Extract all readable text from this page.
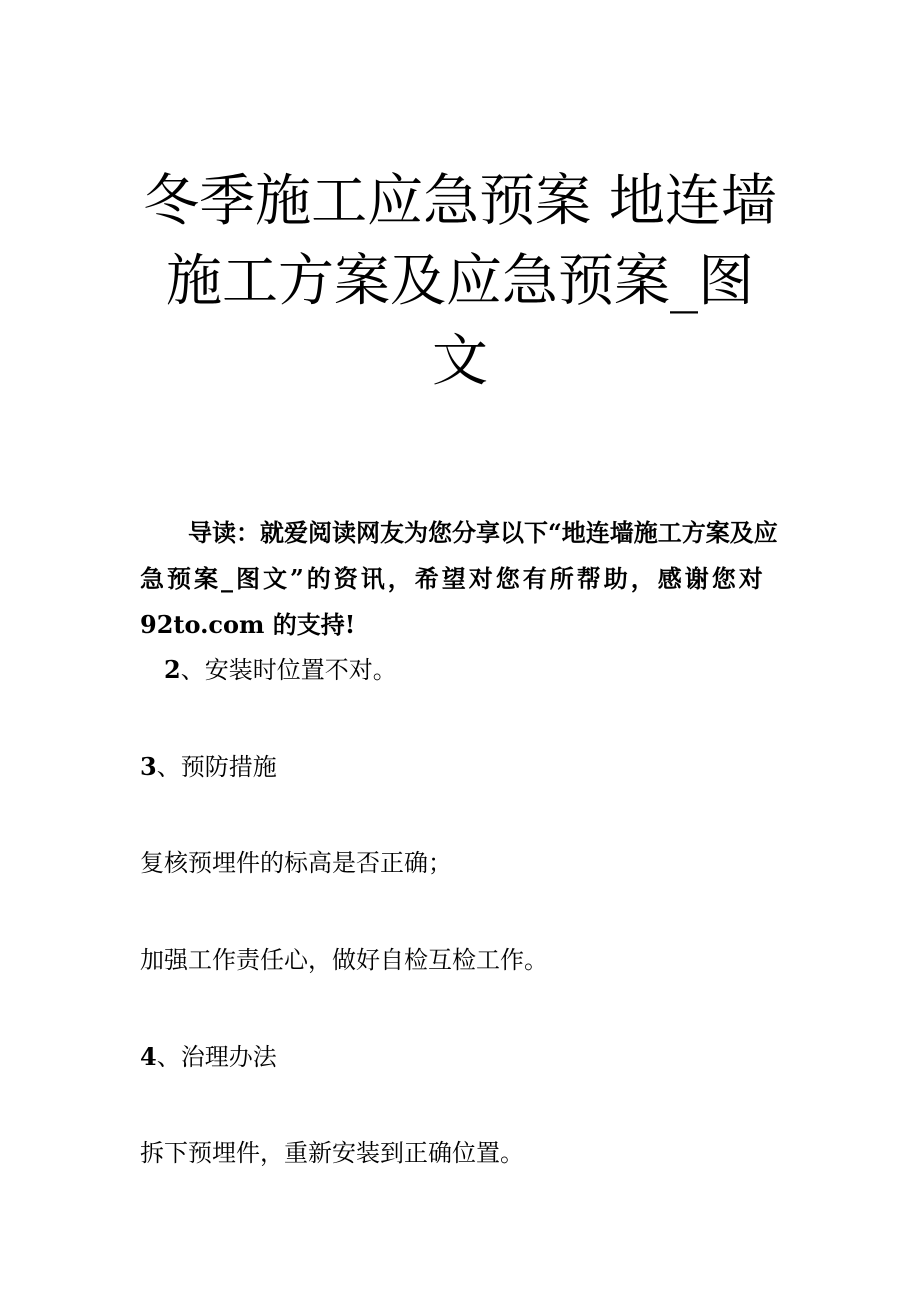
冬季施工应急预案 地连墙
施工方案及应急预案_图
文

导读：就爱阅读网友为您分享以下“地连墙施工方案及应
急预案_图文”的资讯，希望对您有所帮助，感谢您对
92to.com 的支持!

2、安装时位置不对。

3、预防措施

复核预埋件的标高是否正确；

加强工作责任心，做好自检互检工作。

4、治理办法

拆下预埋件，重新安装到正确位置。
